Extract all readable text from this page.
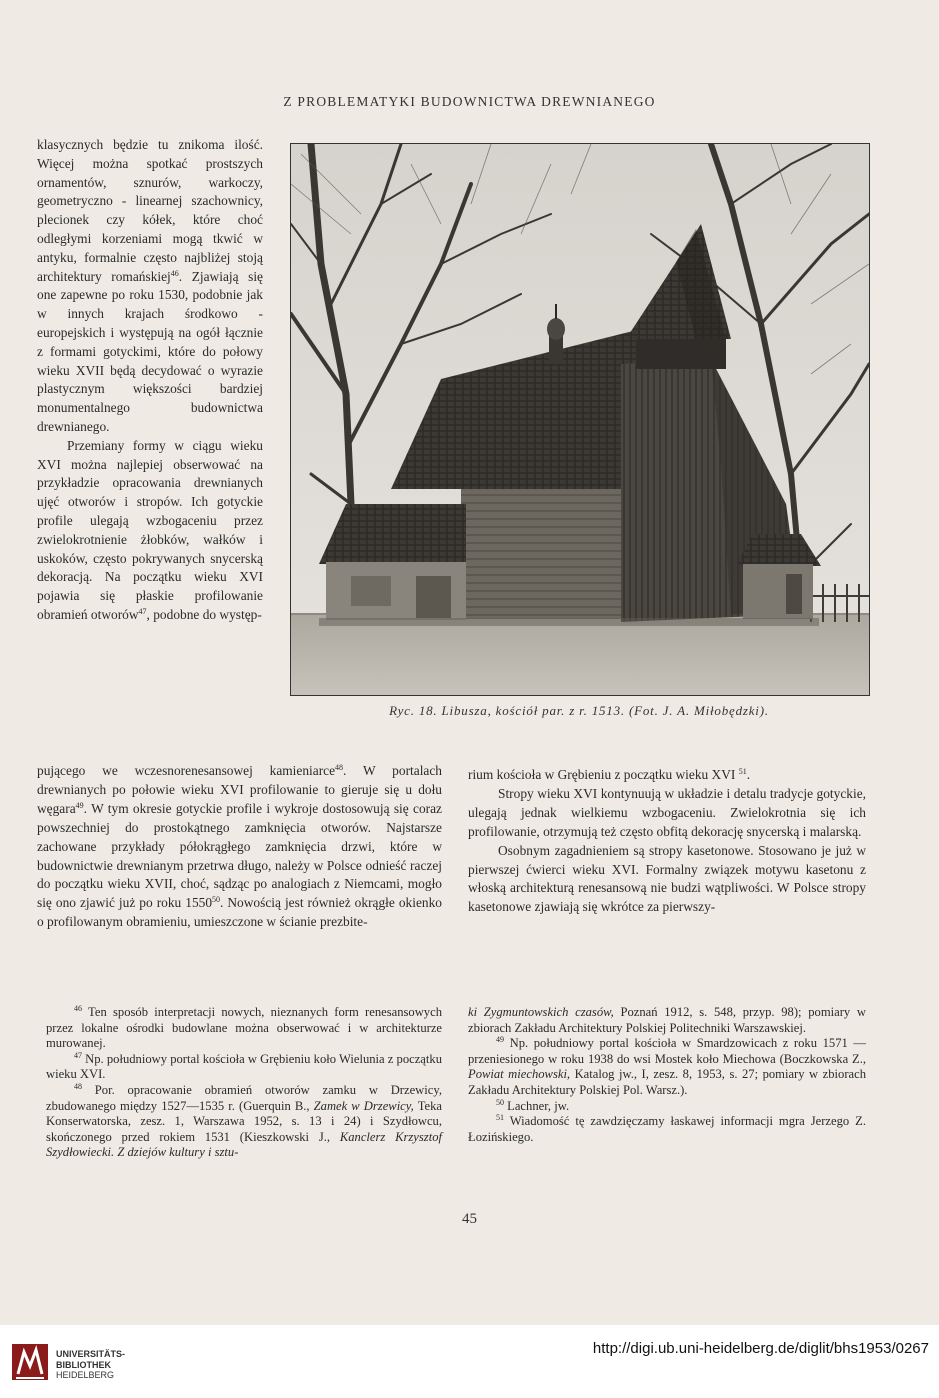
Z PROBLEMATYKI BUDOWNICTWA DREWNIANEGO

klasycznych będzie tu znikoma ilość. Więcej można spotkać prostszych ornamentów, sznurów, warkoczy, geometryczno - linearnej szachownicy, plecionek czy kółek, które choć odległymi korzeniami mogą tkwić w antyku, formalnie często najbliżej stoją architektury romańskiej$^{46}$. Zjawiają się one zapewne po roku 1530, podobnie jak w innych krajach środkowo - europejskich i występują na ogół łącznie z formami gotyckimi, które do połowy wieku XVII będą decydować o wyrazie plastycznym większości bardziej monumentalnego budownictwa drewnianego.

Przemiany formy w ciągu wieku XVI można najlepiej obserwować na przykładzie opracowania drewnianych ujęć otworów i stropów. Ich gotyckie profile ulegają wzbogaceniu przez zwielokrotnienie żłobków, wałków i uskoków, często pokrywanych snycerską dekoracją. Na początku wieku XVI pojawia się płaskie profilowanie obramień otworów$^{47}$, podobne do występ-

Ryc. 18. Libusza, kościół par. z r. 1513. (Fot. J. A. Miłobędzki).

pującego we wczesnorenesansowej kamieniarce$^{48}$. W portalach drewnianych po połowie wieku XVI profilowanie to gieruje się u dołu węgara$^{49}$. W tym okresie gotyckie profile i wykroje dostosowują się coraz powszechniej do prostokątnego zamknięcia otworów. Najstarsze zachowane przykłady półokrągłego zamknięcia drzwi, które w budownictwie drewnianym przetrwa długo, należy w Polsce odnieść raczej do początku wieku XVII, choć, sądząc po analogiach z Niemcami, mogło się ono zjawić już po roku 1550$^{50}$. Nowością jest również okrągłe okienko o profilowanym obramieniu, umieszczone w ścianie prezbite-

rium kościoła w Grębieniu z początku wieku XVI $^{51}$.

Stropy wieku XVI kontynuują w układzie i detalu tradycje gotyckie, ulegają jednak wielkiemu wzbogaceniu. Zwielokrotnia się ich profilowanie, otrzymują też często obfitą dekorację snycerską i malarską.

Osobnym zagadnieniem są stropy kasetonowe. Stosowano je już w pierwszej ćwierci wieku XVI. Formalny związek motywu kasetonu z włoską architekturą renesansową nie budzi wątpliwości. W Polsce stropy kasetonowe zjawiają się wkrótce za pierwszy-

$^{46}$ Ten sposób interpretacji nowych, nieznanych form renesansowych przez lokalne ośrodki budowlane można obserwować i w architekturze murowanej.

$^{47}$ Np. południowy portal kościoła w Grębieniu koło Wielunia z początku wieku XVI.

$^{48}$ Por. opracowanie obramień otworów zamku w Drzewicy, zbudowanego między 1527—1535 r. (Guerquin B., Zamek w Drzewicy, Teka Konserwatorska, zesz. 1, Warszawa 1952, s. 13 i 24) i Szydłowcu, skończonego przed rokiem 1531 (Kieszkowski J., Kanclerz Krzysztof Szydłowiecki. Z dziejów kultury i sztu-

ki Zygmuntowskich czasów, Poznań 1912, s. 548, przyp. 98); pomiary w zbiorach Zakładu Architektury Polskiej Politechniki Warszawskiej.

$^{49}$ Np. południowy portal kościoła w Smardzowicach z roku 1571 — przeniesionego w roku 1938 do wsi Mostek koło Miechowa (Boczkowska Z., Powiat miechowski, Katalog jw., I, zesz. 8, 1953, s. 27; pomiary w zbiorach Zakładu Architektury Polskiej Pol. Warsz.).

$^{50}$ Lachner, jw.

$^{51}$ Wiadomość tę zawdzięczamy łaskawej informacji mgra Jerzego Z. Łozińskiego.

45
UNIVERSITÄTS-
BIBLIOTHEK
HEIDELBERG
http://digi.ub.uni-heidelberg.de/diglit/bhs1953/0267
